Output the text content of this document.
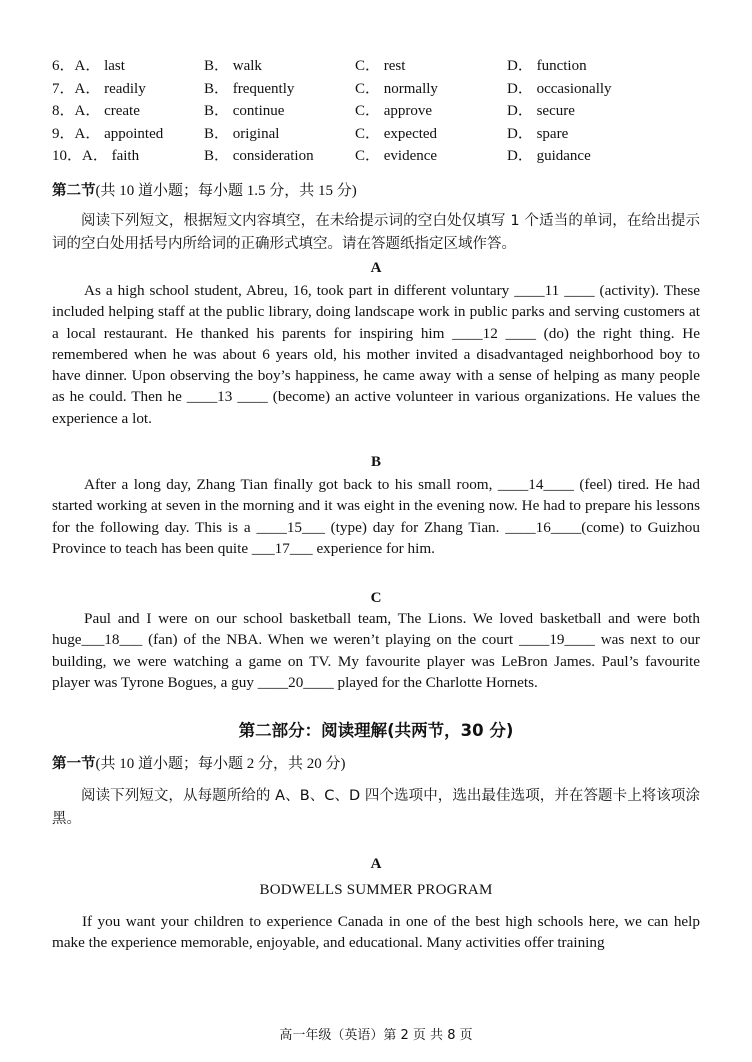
6．A． last	B． walk	C． rest	D． function
7．A． readily	B． frequently	C． normally	D． occasionally
8．A． create	B． continue	C． approve	D． secure
9．A． appointed	B． original	C． expected	D． spare
10．A． faith	B． consideration	C． evidence	D． guidance
第二节(共 10 道小题；每小题 1.5 分，共 15 分)
阅读下列短文，根据短文内容填空，在未给提示词的空白处仅填写 1 个适当的单词，在给出提示词的空白处用括号内所给词的正确形式填空。请在答题纸指定区域作答。
A
As a high school student, Abreu, 16, took part in different voluntary ____11 ____ (activity). These included helping staff at the public library, doing landscape work in public parks and serving customers at a local restaurant. He thanked his parents for inspiring him ____12 ____ (do) the right thing. He remembered when he was about 6 years old, his mother invited a disadvantaged neighborhood boy to have dinner. Upon observing the boy’s happiness, he came away with a sense of helping as many people as he could. Then he ____13 ____ (become) an active volunteer in various organizations. He values the experience a lot.
B
After a long day, Zhang Tian finally got back to his small room, ____14____ (feel) tired. He had started working at seven in the morning and it was eight in the evening now. He had to prepare his lessons for the following day. This is a ____15___ (type) day for Zhang Tian. ____16____(come) to Guizhou Province to teach has been quite ___17___ experience for him.
C
Paul and I were on our school basketball team, The Lions. We loved basketball and were both huge___18___ (fan) of the NBA. When we weren’t playing on the court ____19____ was next to our building, we were watching a game on TV. My favourite player was LeBron James. Paul’s favourite player was Tyrone Bogues, a guy ____20____ played for the Charlotte Hornets.
第二部分：阅读理解(共两节，30 分)
第一节(共 10 道小题；每小题 2 分，共 20 分)
阅读下列短文，从每题所给的 A、B、C、D 四个选项中，选出最佳选项，并在答题卡上将该项涂黑。
A
BODWELLS SUMMER PROGRAM
If you want your children to experience Canada in one of the best high schools here, we can help make the experience memorable, enjoyable, and educational. Many activities offer training
高一年级（英语）第 2 页 共 8 页
